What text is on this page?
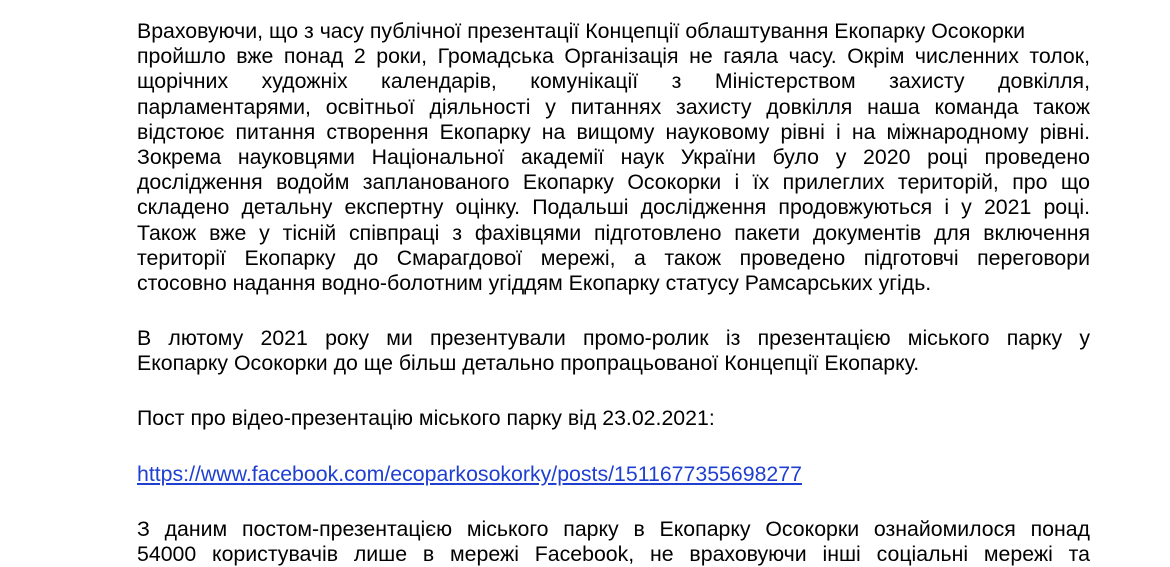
Враховуючи, що з часу публічної презентації Концепції облаштування Екопарку Осокорки
пройшло вже понад 2 роки, Громадська Організація не гаяла часу. Окрім численних толок,
щорічних художніх календарів, комунікації з Міністерством захисту довкілля,
парламентарями, освітньої діяльності у питаннях захисту довкілля наша команда також
відстоює питання створення Екопарку на вищому науковому рівні і на міжнародному рівні.
Зокрема науковцями Національної академії наук України було у 2020 році проведено
дослідження водойм запланованого Екопарку Осокорки і їх прилеглих територій, про що
складено детальну експертну оцінку. Подальші дослідження продовжуються і у 2021 році.
Також вже у тісній співпраці з фахівцями підготовлено пакети документів для включення
території Екопарку до Смарагдової мережі, а також проведено підготовчі переговори
стосовно надання водно-болотним угіддям Екопарку статусу Рамсарських угідь.
В лютому 2021 року ми презентували промо-ролик із презентацією міського парку у
Екопарку Осокорки до ще більш детально пропрацьованої Концепції Екопарку.
Пост про відео-презентацію міського парку від 23.02.2021:
https://www.facebook.com/ecoparkosokorky/posts/1511677355698277
З даним постом-презентацією міського парку в Екопарку Осокорки ознайомилося понад
54000 користувачів лише в мережі Facebook, не враховуючи інші соціальні мережі та
